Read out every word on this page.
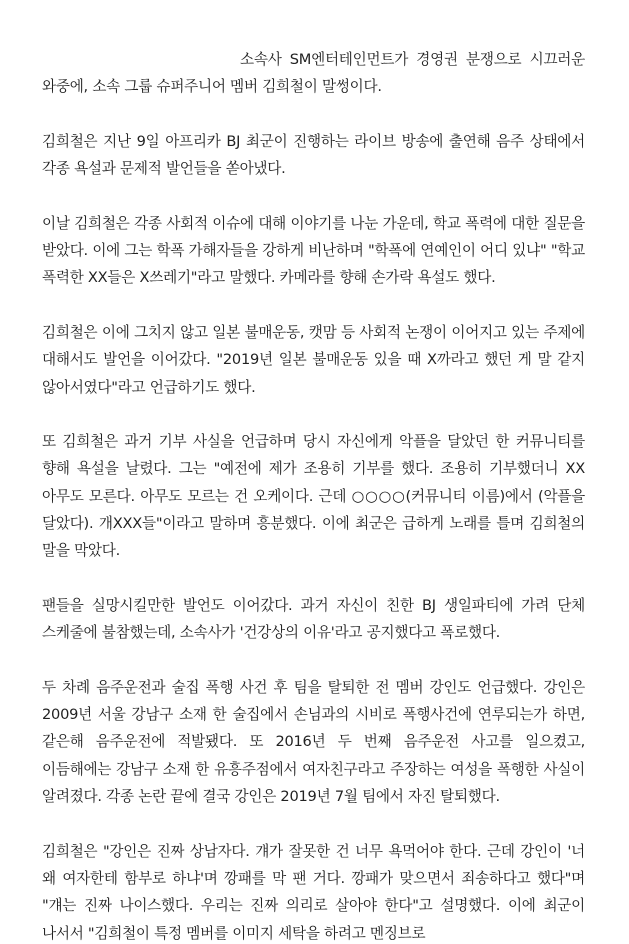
소속사 SM엔터테인먼트가 경영권 분쟁으로 시끄러운 와중에, 소속 그룹 슈퍼주니어 멤버 김희철이 말썽이다.

김희철은 지난 9일 아프리카 BJ 최군이 진행하는 라이브 방송에 출연해 음주 상태에서 각종 욕설과 문제적 발언들을 쏟아냈다.

이날 김희철은 각종 사회적 이슈에 대해 이야기를 나눈 가운데, 학교 폭력에 대한 질문을 받았다. 이에 그는 학폭 가해자들을 강하게 비난하며 "학폭에 연예인이 어디 있냐" "학교 폭력한 XX들은 X쓰레기"라고 말했다. 카메라를 향해 손가락 욕설도 했다.

김희철은 이에 그치지 않고 일본 불매운동, 캣맘 등 사회적 논쟁이 이어지고 있는 주제에 대해서도 발언을 이어갔다. "2019년 일본 불매운동 있을 때 X까라고 했던 게 말 같지 않아서였다"라고 언급하기도 했다.

또 김희철은 과거 기부 사실을 언급하며 당시 자신에게 악플을 달았던 한 커뮤니티를 향해 욕설을 날렸다. 그는 "예전에 제가 조용히 기부를 했다. 조용히 기부했더니 XX 아무도 모른다. 아무도 모르는 건 오케이다. 근데 ○○○○(커뮤니티 이름)에서 (악플을 달았다). 개XXX들"이라고 말하며 흥분했다. 이에 최군은 급하게 노래를 틀며 김희철의 말을 막았다.

팬들을 실망시킬만한 발언도 이어갔다. 과거 자신이 친한 BJ 생일파티에 가려 단체 스케줄에 불참했는데, 소속사가 '건강상의 이유'라고 공지했다고 폭로했다.

두 차례 음주운전과 술집 폭행 사건 후 팀을 탈퇴한 전 멤버 강인도 언급했다. 강인은 2009년 서울 강남구 소재 한 술집에서 손님과의 시비로 폭행사건에 연루되는가 하면, 같은해 음주운전에 적발됐다. 또 2016년 두 번째 음주운전 사고를 일으켰고, 이듬해에는 강남구 소재 한 유흥주점에서 여자친구라고 주장하는 여성을 폭행한 사실이 알려졌다. 각종 논란 끝에 결국 강인은 2019년 7월 팀에서 자진 탈퇴했다.

김희철은 "강인은 진짜 상남자다. 걔가 잘못한 건 너무 욕먹어야 한다. 근데 강인이 '너 왜 여자한테 함부로 하냐'며 깡패를 막 팬 거다. 깡패가 맞으면서 죄송하다고 했다"며 "걔는 진짜 나이스했다. 우리는 진짜 의리로 살아야 한다"고 설명했다. 이에 최군이 나서서 "김희철이 특정 멤버를 이미지 세탁을 하려고 멘징브로
